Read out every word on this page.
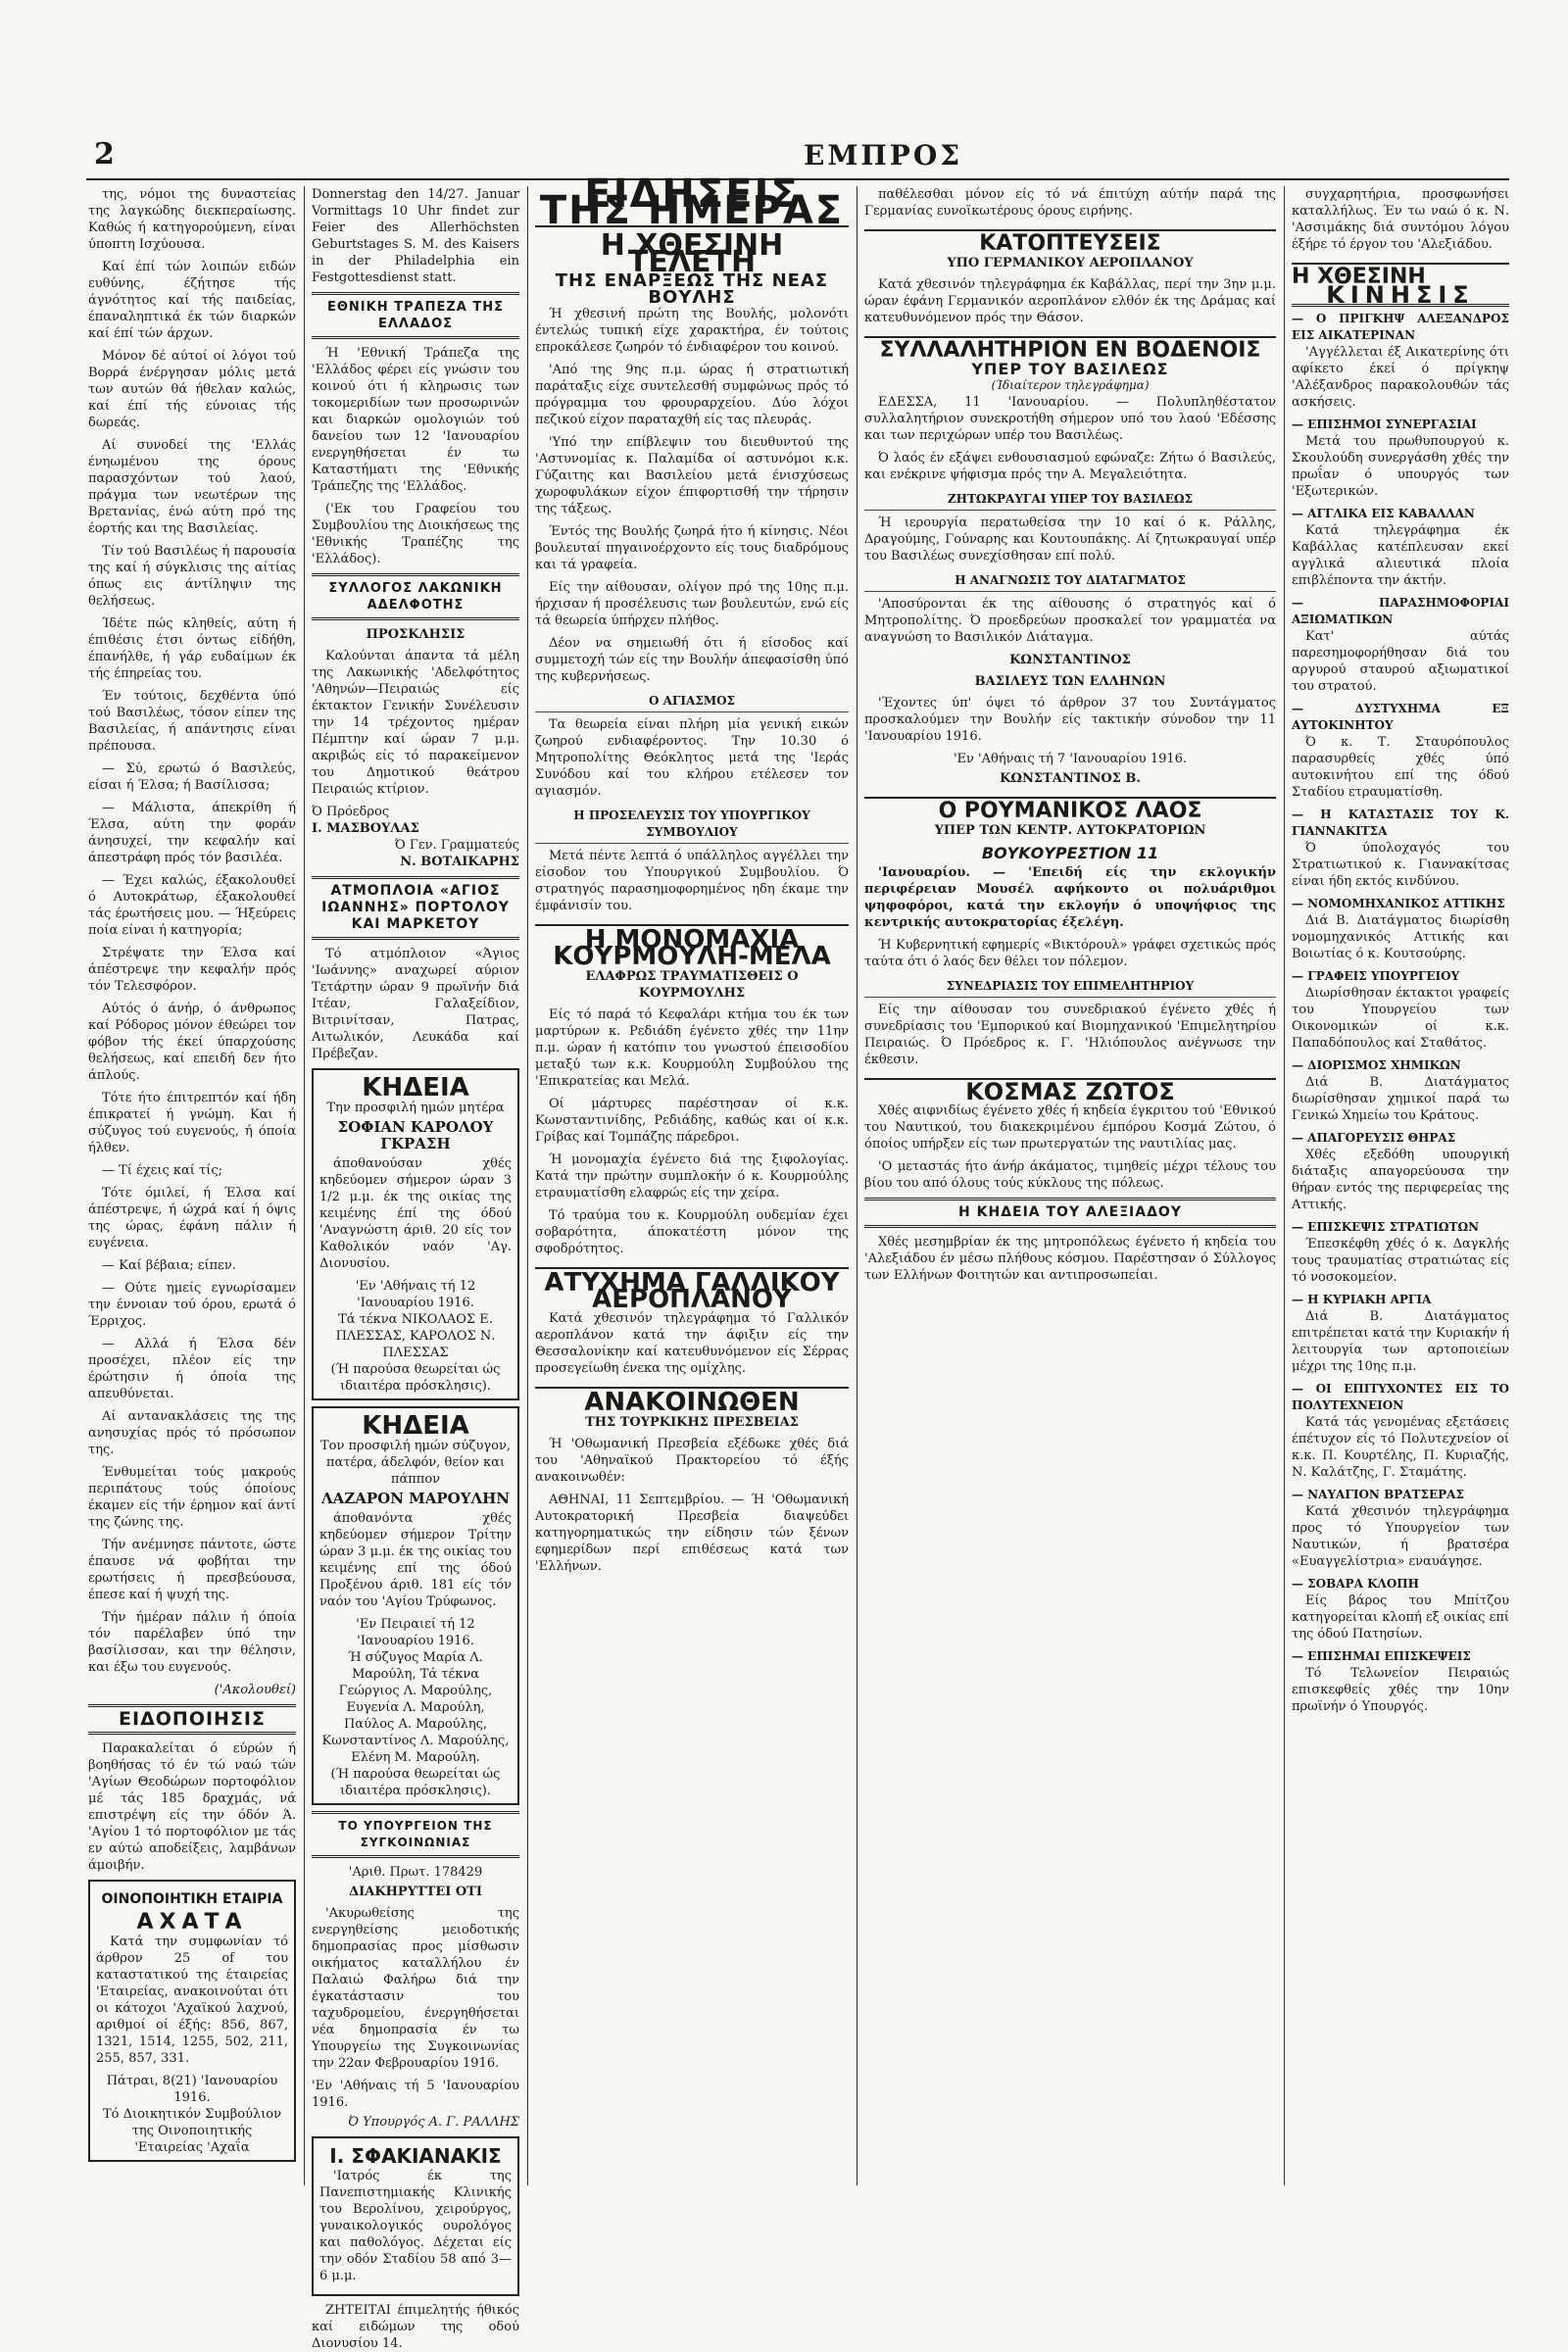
2	ΕΜΠΡΟΣ

της, νόμοι της δυναστείας της λαγκώδης διεκπεραίωσης. Καθώς ή κατηγορούμενη, είναι ύποπτη Ισχύουσα.

Καί έπί τών λοιπών ειδών ευθύνης, έζήτησε τής άγνότητος καί τής παιδείας, έπαναληπτικά έκ τών διαρκών καί έπί τών άρχων.

Μόνον δέ αύτοί οί λόγοι τού Βορρά ένέργησαν μόλις μετά των αυτών θά ήθελαν καλώς, καί έπί τής εύνοιας τής δωρεάς.

Αί συνοδεί της 'Ελλάς ένηωμένου της όρους παρασχόντων τού λαού, πράγμα των νεωτέρων της Βρετανίας, ένώ αύτη πρό της έορτής και της Βασιλείας.

Τίν τού Βασιλέως ή παρουσία της καί ή σύγκλισις της αίτίας όπως εις άντίληψιν της θελήσεως.

Ίδέτε πώς κληθείς, αύτη ή έπιθέσις έτσι όντως είδήθη, έπανήλθε, ή γάρ ευδαίμων έκ τής έπηρείας του.

Έν τούτοις, δεχθέντα ύπό τού Βασιλέως, τόσον είπεν της Βασιλείας, ή απάντησις είναι πρέπουσα.

— Σύ, ερωτώ ό Βασιλεύς, είσαι ή Έλσα; ή Βασίλισσα;

— Μάλιστα, άπεκρίθη ή Έλσα, αύτη την φοράν άνησυχεί, την κεφαλήν καί άπεστράφη πρός τόν βασιλέα.

— Έχει καλώς, έξακολουθεί ό Αυτοκράτωρ, έξακολουθεί τάς έρωτήσεις μου. — Ήξεύρεις ποία είναι ή κατηγορία;

Στρέψατε την Έλσα καί άπέστρεψε την κεφαλήν πρός τόν Τελεσφόρον.

Αύτός ό άνήρ, ό άνθρωπος καί Ρόδορος μόνον έθεώρει τον φόβον τής έκεί ύπαρχούσης θελήσεως, καί επειδή δεν ήτο άπλούς.

Τότε ήτο έπιτρεπτόν καί ήδη έπικρατεί ή γνώμη. Και ή σύζυγος τού ευγενούς, ή όποία ήλθεν.

— Τί έχεις καί τίς;

Τότε όμιλεί, ή Έλσα καί άπέστρεψε, ή ώχρά καί ή όψις της ώρας, έφάνη πάλιν ή ευγένεια.

— Καί βέβαια; είπεν.

— Ούτε ημείς εγνωρίσαμεν την έννοιαν τού όρου, ερωτά ό Έρριχος.

— Αλλά ή Έλσα δέν προσέχει, πλέον είς την έρώτησιν ή όποία της απευθύνεται.

Αί αντανακλάσεις της της ανησυχίας πρός τό πρόσωπον της.

Ένθυμείται τούς μακρούς περιπάτους τούς όποίους έκαμεν είς τήν έρημον καί άντί της ζώνης της.

Τήν ανέμνησε πάντοτε, ώστε έπαυσε νά φοβήται την ερωτήσεις ή πρεσβεύουσα, έπεσε καί ή ψυχή της.

Τήν ήμέραν πάλιν ή όποία τόν παρέλαβεν ύπό την βασίλισσαν, και την θέλησιν, και έξω του ευγενούς.

('Ακολουθεί)
ΕΙΔΟΠΟΙΗΣΙΣ

Παρακαλείται ό εύρών ή βοηθήσας τό έν τώ ναώ τών 'Αγίων Θεοδώρων πορτοφόλιον μέ τάς 185 δραχμάς, νά επιστρέψη είς την όδόν Ά. 'Αγίου 1 τό πορτοφόλιον με τάς εν αύτώ αποδείξεις, λαμβάνων άμοιβήν.

ΟΙΝΟΠΟΙΗΤΙΚΗ ΕΤΑΙΡΙΑ
ΑΧΑΤΑ

Κατά την συμφωνίαν τό άρθρον 25 of του καταστατικού της έταιρείας 'Εταιρείας, ανακοινούται ότι οι κάτοχοι 'Αχαϊκού λαχνού, αριθμοί οί έξής: 856, 867, 1321, 1514, 1255, 502, 211, 255, 857, 331.

Πάτραι, 8(21) 'Ιανουαρίου 1916.
Τό Διοικητικόν Συμβούλιον της Οινοποιητικής 'Εταιρείας 'Αχαΐα

Donnerstag den 14/27. Januar Vormittags 10 Uhr findet zur Feier des Allerhöchsten Geburtstages S. M. des Kaisers in der Philadelphia ein Festgottesdienst statt.

ΕΘΝΙΚΗ ΤΡΑΠΕΖΑ ΤΗΣ ΕΛΛΑΔΟΣ

Ή 'Εθνική Τράπεζα της 'Ελλάδος φέρει είς γνώσιν του κοινού ότι ή κληρωσις των τοκομεριδίων των προσωρινών και διαρκών ομολογιών τού δανείου των 12 'Ιανουαρίου ενεργηθήσεται έν τω Καταστήματι της 'Εθνικής Τράπεζης της 'Ελλάδος.

('Εκ του Γραφείου του Συμβουλίου της Διοικήσεως της 'Εθνικής Τραπέζης της 'Ελλάδος).

ΣΥΛΛΟΓΟΣ ΛΑΚΩΝΙΚΗ ΑΔΕΛΦΟΤΗΣ
ΠΡΟΣΚΛΗΣΙΣ

Καλούνται άπαντα τά μέλη της Λακωνικής 'Αδελφότητος 'Αθηνών—Πειραιώς είς έκτακτον Γενικήν Συνέλευσιν την 14 τρέχοντος ημέραν Πέμπτην καί ώραν 7 μ.μ. ακριβώς είς τό παρακείμενον του Δημοτικού θεάτρου Πειραιώς κτίριον.

Ό Πρόεδρος
Ι. ΜΑΣΒΟΥΛΑΣ
Ό Γεν. Γραμματεύς
Ν. ΒΟΤΑΙΚΑΡΗΣ
ΑΤΜΟΠΛΟΙΑ «ΑΓΙΟΣ ΙΩΑΝΝΗΣ» ΠΟΡΤΟΛΟΥ ΚΑΙ ΜΑΡΚΕΤΟΥ

Τό ατμόπλοιον «Άγιος 'Ιωάννης» αναχωρεί αύριον Τετάρτην ώραν 9 πρωϊνήν διά Ιτέαν, Γαλαξείδιον, Βιτρινίτσαν, Πατρας, Αιτωλικόν, Λευκάδα καί Πρέβεζαν.

ΚΗΔΕΙΑ
Την προσφιλή ημών μητέρα
ΣΟΦΙΑΝ ΚΑΡΟΛΟΥ ΓΚΡΑΣΗ

άποθανούσαν χθές κηδεύομεν σήμερον ώραν 3 1/2 μ.μ. έκ της οικίας της κειμένης έπί της όδού 'Αναγνώστη άριθ. 20 είς τον Καθολικόν ναόν 'Αγ. Διονυσίου.

'Εν 'Αθήναις τή 12 'Ιανουαρίου 1916.
Τά τέκνα ΝΙΚΟΛΑΟΣ Ε. ΠΛΕΣΣΑΣ, ΚΑΡΟΛΟΣ Ν. ΠΛΕΣΣΑΣ
(Ή παρούσα θεωρείται ώς ιδιαιτέρα πρόσκλησις).
ΚΗΔΕΙΑ
Τον προσφιλή ημών σύζυγον, πατέρα, άδελφόν, θείον και πάππον
ΛΑΖΑΡΟΝ ΜΑΡΟΥΛΗΝ

άποθανόντα χθές κηδεύομεν σήμερον Τρίτην ώραν 3 μ.μ. έκ της οικίας του κειμένης επί της όδού Προξένου άριθ. 181 είς τόν ναόν του 'Αγίου Τρύφωνος.

'Εν Πειραιεί τή 12 'Ιανουαρίου 1916.
Ή σύζυγος Μαρία Λ. Μαρούλη, Τά τέκνα Γεώργιος Λ. Μαρούλης, Ευγενία Λ. Μαρούλη, Παύλος Α. Μαρούλης, Κωνσταντίνος Λ. Μαρούλης, Ελένη Μ. Μαρούλη.
(Ή παρούσα θεωρείται ώς ιδιαιτέρα πρόσκλησις).
ΤΟ ΥΠΟΥΡΓΕΙΟΝ ΤΗΣ ΣΥΓΚΟΙΝΩΝΙΑΣ
'Αριθ. Πρωτ. 178429
ΔΙΑΚΗΡΥΤΤΕΙ ΟΤΙ

'Ακυρωθείσης της ενεργηθείσης μειοδοτικής δημοπρασίας προς μίσθωσιν οικήματος καταλλήλου έν Παλαιώ Φαλήρω διά την έγκατάστασιν του ταχυδρομείου, ένεργηθήσεται νέα δημοπρασία έν τω Υπουργείω της Συγκοινωνίας την 22αν Φεβρουαρίου 1916.

'Εν 'Αθήναις τή 5 'Ιανουαρίου 1916.
Ό Υπουργός Α. Γ. ΡΑΛΛΗΣ
Ι. ΣΦΑΚΙΑΝΑΚΙΣ

'Ιατρός έκ της Πανεπιστημιακής Κλινικής του Βερολίνου, χειρούργος, γυναικολογικός ουρολόγος και παθολόγος. Δέχεται είς την οδόν Σταδίου 58 από 3—6 μ.μ.

ΖΗΤΕΙΤΑΙ έπιμελητής ήθικός καί ειδώμων της οδού Διονυσίου 14.

ΕΙΔΗΣΕΙΣ ΤΗΣ ΗΜΕΡΑΣ
Η ΧΘΕΣΙΝΗ ΤΕΛΕΤΗ
ΤΗΣ ΕΝΑΡΞΕΩΣ ΤΗΣ ΝΕΑΣ ΒΟΥΛΗΣ

Ή χθεσινή πρώτη της Βουλής, μολονότι έντελώς τυπική είχε χαρακτήρα, έν τούτοις επροκάλεσε ζωηρόν τό ένδιαφέρον του κοινού.

'Από της 9ης π.μ. ώρας ή στρατιωτική παράταξις είχε συντελεσθή συμφώνως πρός τό πρόγραμμα του φρουραρχείου. Δύο λόχοι πεζικού είχον παραταχθή είς τας πλευράς.

'Υπό την επίβλεψιν του διευθυντού της 'Αστυνομίας κ. Παλαμίδα οί αστυνόμοι κ.κ. Γύζαιτης και Βασιλείου μετά ένισχύσεως χωροφυλάκων είχον έπιφορτισθή την τήρησιν της τάξεως.

Έντός της Βουλής ζωηρά ήτο ή κίνησις. Νέοι βουλευταί πηγαινοέρχοντο είς τους διαδρόμους και τά γραφεία.

Είς την αίθουσαν, ολίγον πρό της 10ης π.μ. ήρχισαν ή προσέλευσις των βουλευτών, ενώ είς τά θεωρεία ύπήρχεν πλήθος.

Δέον να σημειωθή ότι ή είσοδος καί συμμετοχή τών είς την Βουλήν άπεφασίσθη ύπό της κυβερνήσεως.

Ο ΑΓΙΑΣΜΟΣ

Τα θεωρεία είναι πλήρη μία γενική εικών ζωηρού ενδιαφέροντος. Την 10.30 ό Μητροπολίτης Θεόκλητος μετά της 'Ιεράς Συνόδου καί του κλήρου ετέλεσεν τον αγιασμόν.

Η ΠΡΟΣΕΛΕΥΣΙΣ ΤΟΥ ΥΠΟΥΡΓΙΚΟΥ ΣΥΜΒΟΥΛΙΟΥ

Μετά πέντε λεπτά ό υπάλληλος αγγέλλει την είσοδον του Υπουργικού Συμβουλίου. Ό στρατηγός παρασημοφορημένος ηδη έκαμε την έμφάνισίν του.

Η ΜΟΝΟΜΑΧΙΑ ΚΟΥΡΜΟΥΛΗ-ΜΕΛΑ
ΕΛΑΦΡΩΣ ΤΡΑΥΜΑΤΙΣΘΕΙΣ Ο ΚΟΥΡΜΟΥΛΗΣ

Είς τό παρά τό Κεφαλάρι κτήμα του έκ των μαρτύρων κ. Ρεδιάδη έγένετο χθές την 11ην π.μ. ώραν ή κατόπιν του γνωστού έπεισοδίου μεταξύ των κ.κ. Κουρμούλη Συμβούλου της 'Επικρατείας και Μελά.

Οί μάρτυρες παρέστησαν οί κ.κ. Κωνσταντινίδης, Ρεδιάδης, καθώς και οί κ.κ. Γρίβας καί Τομπάζης πάρεδροι.

Ή μονομαχία έγένετο διά της ξιφολογίας. Κατά την πρώτην συμπλοκήν ό κ. Κουρμούλης ετραυματίσθη ελαφρώς είς την χείρα.

Τό τραύμα του κ. Κουρμούλη ουδεμίαν έχει σοβαρότητα, άποκατέστη μόνον της σφοδρότητος.

ΑΤΥΧΗΜΑ ΓΑΛΛΙΚΟΥ ΑΕΡΟΠΛΑΝΟΥ

Κατά χθεσινόν τηλεγράφημα τό Γαλλικόν αεροπλάνον κατά την άφιξιν είς την Θεσσαλονίκην καί κατευθυνόμενον είς Σέρρας προσεγείωθη ένεκα της ομίχλης.

ΑΝΑΚΟΙΝΩΘΕΝ
ΤΗΣ ΤΟΥΡΚΙΚΗΣ ΠΡΕΣΒΕΙΑΣ

Ή 'Οθωμανική Πρεσβεία εξέδωκε χθές διά του 'Αθηναϊκού Πρακτορείου τό έξής ανακοινωθέν:

ΑΘΗΝΑΙ, 11 Σεπτεμβρίου. — Ή 'Οθωμανική Αυτοκρατορική Πρεσβεία διαψεύδει κατηγορηματικώς την είδησιν τών ξένων εφημερίδων περί επιθέσεως κατά των 'Ελλήνων.

παθέλεσθαι μόνον είς τό νά έπιτύχη αύτήν παρά της Γερμανίας ευνοϊκωτέρους όρους ειρήνης.

ΚΑΤΟΠΤΕΥΣΕΙΣ
ΥΠΟ ΓΕΡΜΑΝΙΚΟΥ ΑΕΡΟΠΛΑΝΟΥ

Κατά χθεσινόν τηλεγράφημα έκ Καβάλλας, περί την 3ην μ.μ. ώραν έφάνη Γερμανικόν αεροπλάνον ελθόν έκ της Δράμας καί κατευθυνόμενον πρός την Θάσον.

ΣΥΛΛΑΛΗΤΗΡΙΟΝ ΕΝ ΒΟΔΕΝΟΙΣ
ΥΠΕΡ ΤΟΥ ΒΑΣΙΛΕΩΣ
(Ίδιαίτερον τηλεγράφημα)

ΕΔΕΣΣΑ, 11 'Ιανουαρίου. — Πολυπληθέστατον συλλαλητήριον συνεκροτήθη σήμερον υπό του λαού 'Εδέσσης και των περιχώρων υπέρ του Βασιλέως.

Ό λαός έν εξάψει ενθουσιασμού εφώναζε: Ζήτω ό Βασιλεύς, και ενέκρινε ψήφισμα πρός την Α. Μεγαλειότητα.

ΖΗΤΩΚΡΑΥΓΑΙ ΥΠΕΡ ΤΟΥ ΒΑΣΙΛΕΩΣ

Ή ιερουργία περατωθείσα την 10 καί ό κ. Ράλλης, Δραγούμης, Γούναρης και Κουτουπάκης. Αί ζητωκραυγαί υπέρ του Βασιλέως συνεχίσθησαν επί πολύ.

Η ΑΝΑΓΝΩΣΙΣ ΤΟΥ ΔΙΑΤΑΓΜΑΤΟΣ

'Αποσύρονται έκ της αίθουσης ό στρατηγός καί ό Μητροπολίτης. Ό προεδρεύων προσκαλεί τον γραμματέα να αναγνώση το Βασιλικόν Διάταγμα.

ΚΩΝΣΤΑΝΤΙΝΟΣ
ΒΑΣΙΛΕΥΣ ΤΩΝ ΕΛΛΗΝΩΝ

'Έχοντες ύπ' όψει τό άρθρον 37 του Συντάγματος προσκαλούμεν την Βουλήν είς τακτικήν σύνοδον την 11 'Ιανουαρίου 1916.

'Εν 'Αθήναις τή 7 'Ιανουαρίου 1916.
ΚΩΝΣΤΑΝΤΙΝΟΣ Β.
Ο ΡΟΥΜΑΝΙΚΟΣ ΛΑΟΣ
ΥΠΕΡ ΤΩΝ ΚΕΝΤΡ. ΑΥΤΟΚΡΑΤΟΡΙΩΝ
ΒΟΥΚΟΥΡΕΣΤΙΟΝ 11

'Ιανουαρίου. — 'Επειδή είς την εκλογικήν περιφέρειαν Μουσέλ αφήκοντο οι πολυάριθμοι ψηφοφόροι, κατά την εκλογήν ό υποψήφιος της κεντρικής αυτοκρατορίας έξελέγη.

Ή Κυβερνητική εφημερίς «Βικτόρουλ» γράφει σχετικώς πρός ταύτα ότι ό λαός δεν θέλει τον πόλεμον.

ΣΥΝΕΔΡΙΑΣΙΣ ΤΟΥ ΕΠΙΜΕΛΗΤΗΡΙΟΥ

Είς την αίθουσαν του συνεδριακού έγένετο χθές ή συνεδρίασις του 'Εμπορικού καί Βιομηχανικού 'Επιμελητηρίου Πειραιώς. Ό Πρόεδρος κ. Γ. 'Ηλιόπουλος ανέγνωσε την έκθεσιν.

ΚΟΣΜΑΣ ΖΩΤΟΣ

Χθές αιφνιδίως έγένετο χθές ή κηδεία έγκριτου τού 'Εθνικού του Ναυτικού, του διακεκριμένου έμπόρου Κοσμά Ζώτου, ό όποίος υπήρξεν είς των πρωτεργατών της ναυτιλίας μας.

'Ο μεταστάς ήτο άνήρ άκάματος, τιμηθείς μέχρι τέλους του βίου του από όλους τούς κύκλους της πόλεως.

Η ΚΗΔΕΙΑ ΤΟΥ ΑΛΕΞΙΑΔΟΥ

Χθές μεσημβρίαν έκ της μητροπόλεως έγένετο ή κηδεία του 'Αλεξιάδου έν μέσω πλήθους κόσμου. Παρέστησαν ό Σύλλογος των Ελλήνων Φοιτητών και αντιπροσωπείαι.

συγχαρητήρια, προσφωνήσει καταλλήλως. Έν τω ναώ ό κ. Ν. 'Ασσιμάκης διά συντόμου λόγου έξήρε τό έργον του 'Αλεξιάδου.

Η ΧΘΕΣΙΝΗ
ΚΙΝΗΣΙΣ
— Ο ΠΡΙΓΚΗΨ ΑΛΕΞΑΝΔΡΟΣ ΕΙΣ ΑΙΚΑΤΕΡΙΝΑΝ

'Αγγέλλεται έξ Αικατερίνης ότι αφίκετο έκεί ό πρίγκηψ 'Αλέξανδρος παρακολουθών τάς ασκήσεις.

— ΕΠΙΣΗΜΟΙ ΣΥΝΕΡΓΑΣΙΑΙ

Μετά του πρωθυπουργού κ. Σκουλούδη συνεργάσθη χθές την πρωΐαν ό υπουργός των 'Εξωτερικών.

— ΑΓΓΛΙΚΑ ΕΙΣ ΚΑΒΑΛΛΑΝ

Κατά τηλεγράφημα έκ Καβάλλας κατέπλευσαν εκεί αγγλικά αλιευτικά πλοία επιβλέποντα την άκτήν.

— ΠΑΡΑΣΗΜΟΦΟΡΙΑΙ ΑΞΙΩΜΑΤΙΚΩΝ

Κατ' αύτάς παρεσημοφορήθησαν διά του αργυρού σταυρού αξιωματικοί του στρατού.

— ΔΥΣΤΥΧΗΜΑ ΕΞ ΑΥΤΟΚΙΝΗΤΟΥ

Ό κ. Τ. Σταυρόπουλος παρασυρθείς χθές ύπό αυτοκινήτου επί της όδού Σταδίου ετραυματίσθη.

— Η ΚΑΤΑΣΤΑΣΙΣ ΤΟΥ Κ. ΓΙΑΝΝΑΚΙΤΣΑ

Ό ύπολοχαγός του Στρατιωτικού κ. Γιαννακίτσας είναι ήδη εκτός κινδύνου.

— ΝΟΜΟΜΗΧΑΝΙΚΟΣ ΑΤΤΙΚΗΣ

Διά Β. Διατάγματος διωρίσθη νομομηχανικός Αττικής και Βοιωτίας ό κ. Κουτσούρης.

— ΓΡΑΦΕΙΣ ΥΠΟΥΡΓΕΙΟΥ

Διωρίσθησαν έκτακτοι γραφείς του Υπουργείου των Οικονομικών οί κ.κ. Παπαδόπουλος καί Σταθάτος.

— ΔΙΟΡΙΣΜΟΣ ΧΗΜΙΚΩΝ

Διά Β. Διατάγματος διωρίσθησαν χημικοί παρά τω Γενικώ Χημείω του Κράτους.

— ΑΠΑΓΟΡΕΥΣΙΣ ΘΗΡΑΣ

Χθές εξεδόθη υπουργική διάταξις απαγορεύουσα την θήραν εντός της περιφερείας της Αττικής.

— ΕΠΙΣΚΕΨΙΣ ΣΤΡΑΤΙΩΤΩΝ

Έπεσκέφθη χθές ό κ. Δαγκλής τους τραυματίας στρατιώτας είς τό νοσοκομείον.

— Η ΚΥΡΙΑΚΗ ΑΡΓΙΑ

Διά Β. Διατάγματος επιτρέπεται κατά την Κυριακήν ή λειτουργία των αρτοποιείων μέχρι της 10ης π.μ.

— ΟΙ ΕΠΙΤΥΧΟΝΤΕΣ ΕΙΣ ΤΟ ΠΟΛΥΤΕΧΝΕΙΟΝ

Κατά τάς γενομένας εξετάσεις έπέτυχον είς τό Πολυτεχνείον οί κ.κ. Π. Κουρτέλης, Π. Κυριαζής, Ν. Καλάτζης, Γ. Σταμάτης.

— ΝΑΥΑΓΙΟΝ ΒΡΑΤΣΕΡΑΣ

Κατά χθεσινόν τηλεγράφημα προς τό Υπουργείον των Ναυτικών, ή βρατσέρα «Ευαγγελίστρια» εναυάγησε.

— ΣΟΒΑΡΑ ΚΛΟΠΗ

Είς βάρος του Μπίτζου κατηγορείται κλοπή εξ οικίας επί της όδού Πατησίων.

— ΕΠΙΣΗΜΑΙ ΕΠΙΣΚΕΨΕΙΣ

Τό Τελωνείον Πειραιώς επισκεφθείς χθές την 10ην πρωϊνήν ό Υπουργός.
